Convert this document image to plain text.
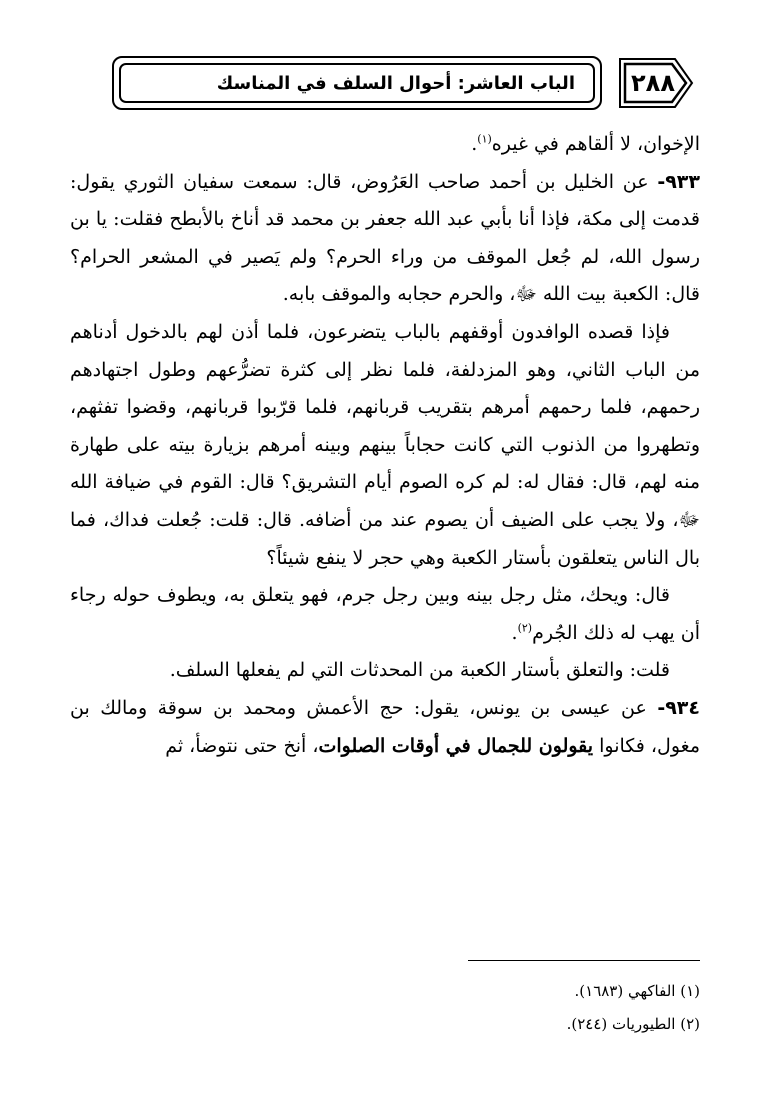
الباب العاشر: أحوال السلف في المناسك ٢٨٨

الإخوان، لا ألقاهم في غيره$^{(١)}$.

٩٣٣- عن الخليل بن أحمد صاحب العَرُوض، قال: سمعت سفيان الثوري يقول: قدمت إلى مكة، فإذا أنا بأبي عبد الله جعفر بن محمد قد أناخ بالأبطح فقلت: يا بن رسول الله، لم جُعل الموقف من وراء الحرم؟ ولم يَصير في المشعر الحرام؟ قال: الكعبة بيت الله ﷻ، والحرم حجابه والموقف بابه.

فإذا قصده الوافدون أوقفهم بالباب يتضرعون، فلما أذن لهم بالدخول أدناهم من الباب الثاني، وهو المزدلفة، فلما نظر إلى كثرة تضرُّعهم وطول اجتهادهم رحمهم، فلما رحمهم أمرهم بتقريب قربانهم، فلما قرّبوا قربانهم، وقضوا تفثهم، وتطهروا من الذنوب التي كانت حجاباً بينهم وبينه أمرهم بزيارة بيته على طهارة منه لهم، قال: فقال له: لم كره الصوم أيام التشريق؟ قال: القوم في ضيافة الله ﷻ، ولا يجب على الضيف أن يصوم عند من أضافه. قال: قلت: جُعلت فداك، فما بال الناس يتعلقون بأستار الكعبة وهي حجر لا ينفع شيئاً؟

قال: ويحك، مثل رجل بينه وبين رجل جرم، فهو يتعلق به، ويطوف حوله رجاء أن يهب له ذلك الجُرم$^{(٢)}$.

قلت: والتعلق بأستار الكعبة من المحدثات التي لم يفعلها السلف.

٩٣٤- عن عيسى بن يونس، يقول: حج الأعمش ومحمد بن سوقة ومالك بن مغول، فكانوا يقولون للجمال في أوقات الصلوات، أنخ حتى نتوضأ، ثم

(١) الفاكهي (١٦٨٣).

(٢) الطيوريات (٢٤٤).
